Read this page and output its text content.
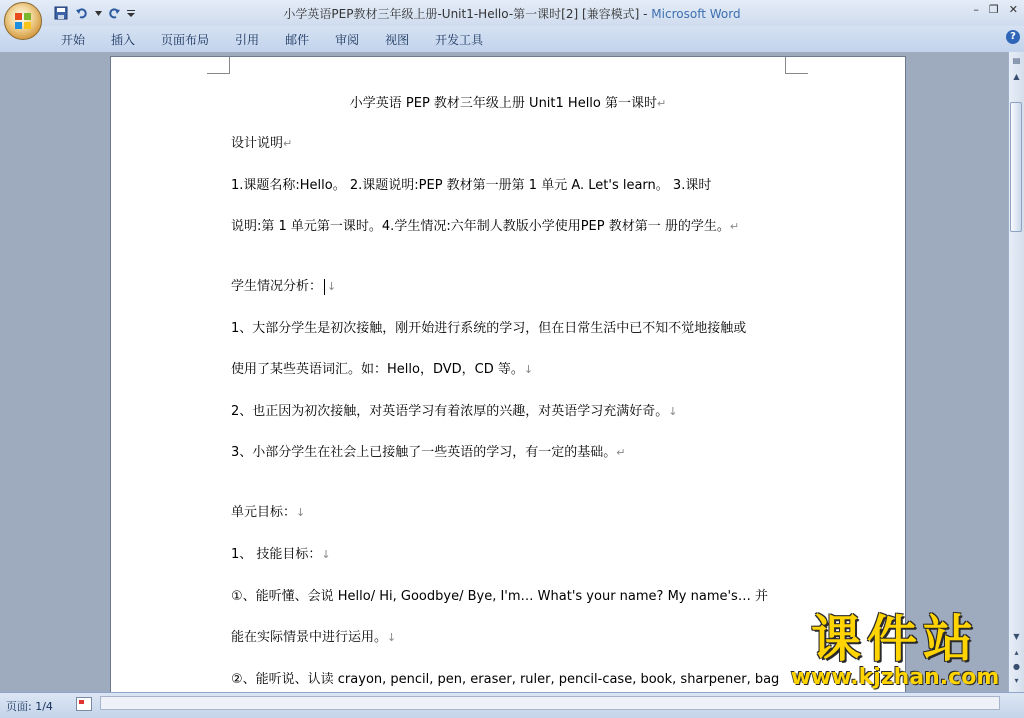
小学英语PEP教材三年级上册-Unit1-Hello-第一课时[2] [兼容模式] - Microsoft Word	– ❐ ✕
开始	插入	页面布局	引用	邮件	审阅	视图	开发工具	?
小学英语 PEP 教材三年级上册 Unit1 Hello 第一课时↵
设计说明↵
1.课题名称:Hello。 2.课题说明:PEP 教材第一册第 1 单元 A. Let's learn。 3.课时
说明:第 1 单元第一课时。4.学生情况:六年制人教版小学使用PEP 教材第一 册的学生。↵
学生情况分析： ↓
1、大部分学生是初次接触，刚开始进行系统的学习，但在日常生活中已不知不觉地接触或
使用了某些英语词汇。如：Hello，DVD，CD 等。↓
2、也正因为初次接触，对英语学习有着浓厚的兴趣，对英语学习充满好奇。↓
3、小部分学生在社会上已接触了一些英语的学习，有一定的基础。↵
单元目标：↓
1、 技能目标：↓
①、能听懂、会说 Hello/ Hi, Goodbye/ Bye, I'm… What's your name? My name's… 并
能在实际情景中进行运用。↓
②、能听说、认读 crayon, pencil, pen, eraser, ruler, pencil-case, book, sharpener, bag
▤
▲
▼
▴
●
▾
页面: 1/4
课件站
www.kjzhan.com
